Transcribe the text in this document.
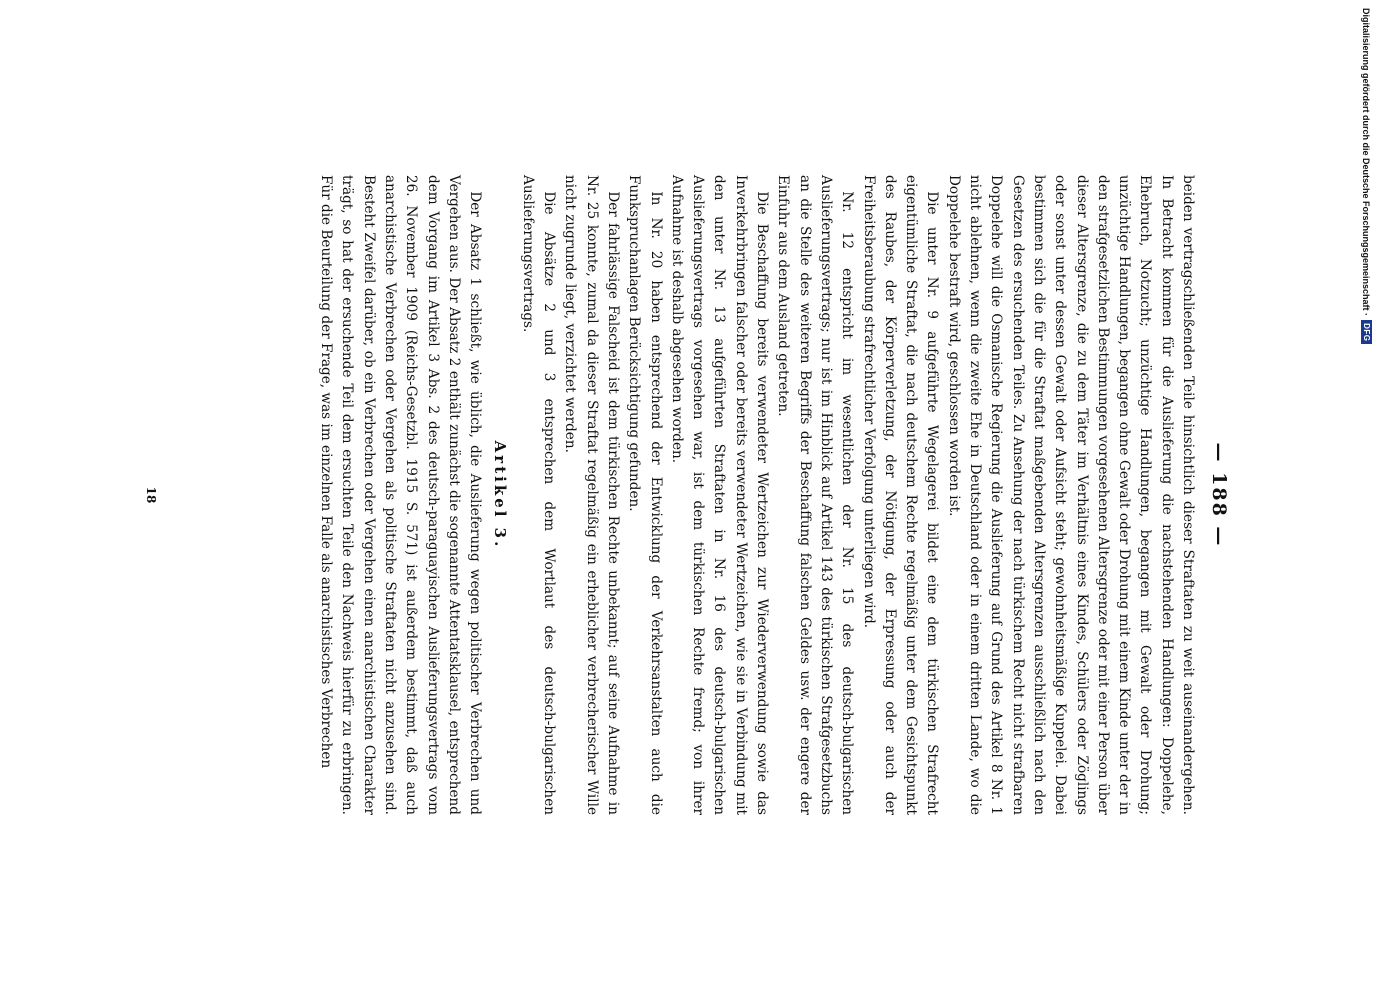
— 188 —

beiden vertragschließenden Teile hinsichtlich dieser Straftaten zu weit auseinandergehen. In Betracht kommen für die Auslieferung die nachstehenden Handlungen: Doppelehe, Ehebruch, Notzucht; unzüchtige Handlungen, begangen mit Gewalt oder Drohung; unzüchtige Handlungen, begangen ohne Gewalt oder Drohung mit einem Kinde unter der in den strafgesetzlichen Bestimmungen vorgesehenen Altersgrenze oder mit einer Person über dieser Altersgrenze, die zu dem Täter im Verhältnis eines Kindes, Schülers oder Zöglings oder sonst unter dessen Gewalt oder Aufsicht steht; gewohnheitsmäßige Kuppelei. Dabei bestimmen sich die für die Straftat maßgebenden Altersgrenzen ausschließlich nach den Gesetzen des ersuchenden Teiles. Zu Ansehung der nach türkischem Recht nicht strafbaren Doppelehe will die Osmanische Regierung die Auslieferung auf Grund des Artikel 8 Nr. 1 nicht ablehnen, wenn die zweite Ehe in Deutschland oder in einem dritten Lande, wo die Doppelehe bestraft wird, geschlossen worden ist.

Die unter Nr. 9 aufgeführte Wegelagerei bildet eine dem türkischen Strafrecht eigentümliche Straftat, die nach deutschem Rechte regelmäßig unter dem Gesichtspunkt des Raubes, der Körperverletzung, der Nötigung, der Erpressung oder auch der Freiheitsberaubung strafrechtlicher Verfolgung unterliegen wird.

Nr. 12 entspricht im wesentlichen der Nr. 15 des deutsch-bulgarischen Auslieferungsvertrags; nur ist im Hinblick auf Artikel 143 des türkischen Strafgesetzbuchs an die Stelle des weiteren Begriffs der Beschaffung falschen Geldes usw. der engere der Einfuhr aus dem Ausland getreten.

Die Beschaffung bereits verwendeter Wertzeichen zur Wiederverwendung sowie das Inverkehrbringen falscher oder bereits verwendeter Wertzeichen, wie sie in Verbindung mit den unter Nr. 13 aufgeführten Straftaten in Nr. 16 des deutsch-bulgarischen Auslieferungsvertrags vorgesehen war, ist dem türkischen Rechte fremd; von ihrer Aufnahme ist deshalb abgesehen worden.

In Nr. 20 haben entsprechend der Entwicklung der Verkehrsanstalten auch die Funkspruchanlagen Berücksichtigung gefunden.

Der fahrlässige Falscheid ist dem türkischen Rechte unbekannt; auf seine Aufnahme in Nr. 25 konnte, zumal da dieser Straftat regelmäßig ein erheblicher verbrecherischer Wille nicht zugrunde liegt, verzichtet werden.

Die Absätze 2 und 3 entsprechen dem Wortlaut des deutsch-bulgarischen Auslieferungsvertrags.

Artikel 3.

Der Absatz 1 schließt, wie üblich, die Auslieferung wegen politischer Verbrechen und Vergehen aus. Der Absatz 2 enthält zunächst die sogenannte Attentatsklausel, entsprechend dem Vorgang im Artikel 3 Abs. 2 des deutsch-paraguayischen Auslieferungsvertrags vom 26. November 1909 (Reichs-Gesetzbl. 1915 S. 571) ist außerdem bestimmt, daß auch anarchistische Verbrechen oder Vergehen als politische Straftaten nicht anzusehen sind. Besteht Zweifel darüber, ob ein Verbrechen oder Vergehen einen anarchistischen Charakter trägt, so hat der ersuchende Teil dem ersuchten Teile den Nachweis hierfür zu erbringen. Für die Beurteilung der Frage, was im einzelnen Falle als anarchistisches Verbrechen

18
Digitalisierung gefördert durch die Deutsche Forschungsgemeinschaft ·
DFG
